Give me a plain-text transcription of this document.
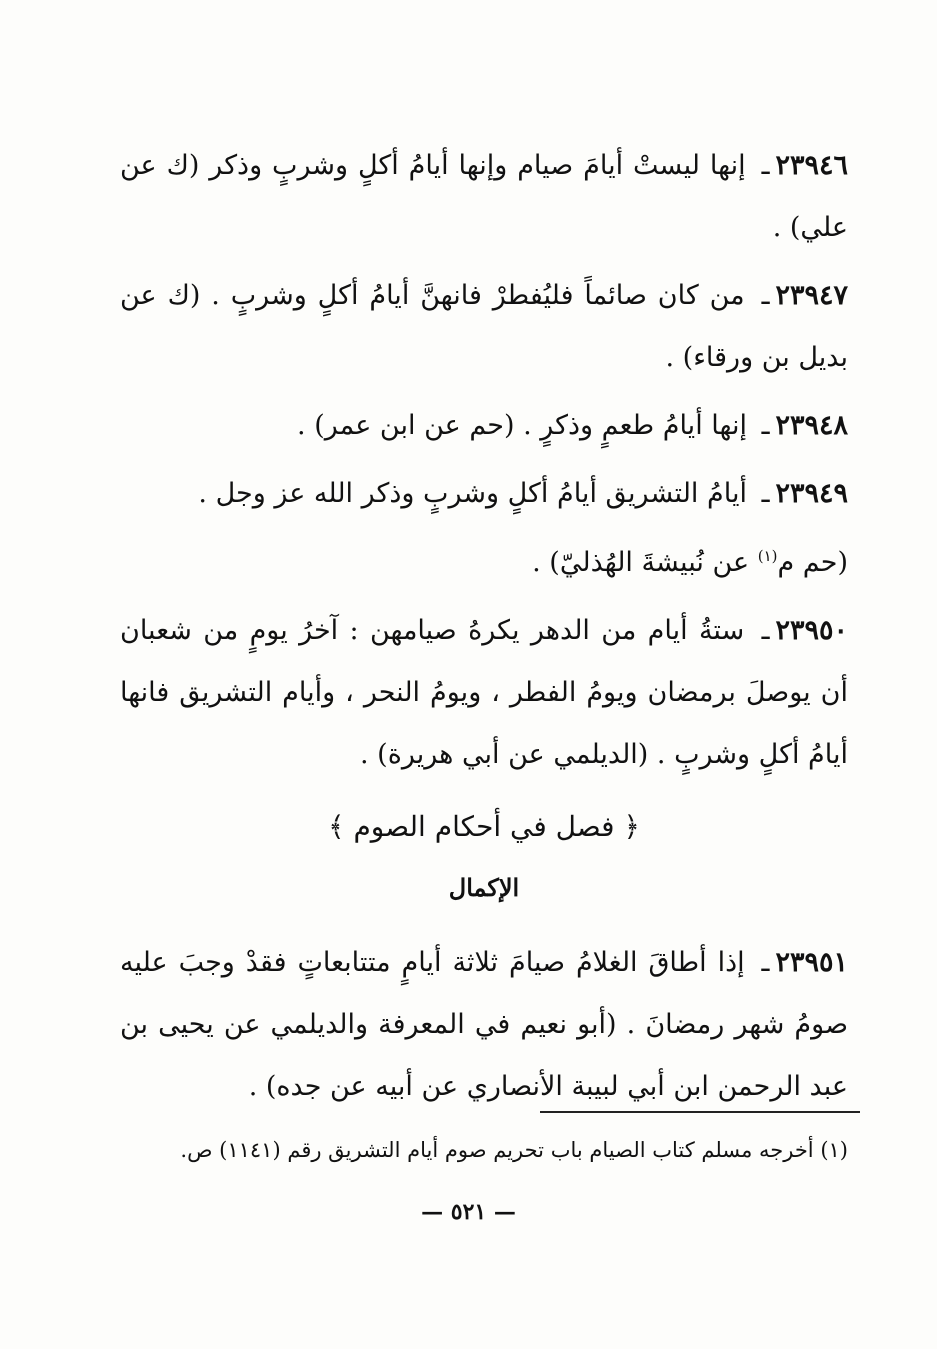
٢٣٩٤٦ـ إنها ليستْ أيامَ صيام وإنها أيامُ أكلٍ وشربٍ وذكر (ك عن علي) .

٢٣٩٤٧ـ من كان صائماً فليُفطرْ فانهنَّ أيامُ أكلٍ وشربٍ . (ك عن بديل بن ورقاء) .

٢٣٩٤٨ـ إنها أيامُ طعمٍ وذكرٍ . (حم عن ابن عمر) .

٢٣٩٤٩ـ أيامُ التشريق أيامُ أكلٍ وشربٍ وذكر الله عز وجل .
(حم م$^{(١)}$ عن نُبيشةَ الهُذليّ) .

٢٣٩٥٠ـ ستةُ أيام من الدهر يكرهُ صيامهن : آخرُ يومٍ من شعبان أن يوصلَ برمضان ويومُ الفطر ، ويومُ النحر ، وأيام التشريق فانها أيامُ أكلٍ وشربٍ . (الديلمي عن أبي هريرة) .

﴿ فصل في أحكام الصوم ﴾
الإكمال

٢٣٩٥١ـ إذا أطاقَ الغلامُ صيامَ ثلاثة أيامٍ متتابعاتٍ فقدْ وجبَ عليه صومُ شهر رمضانَ . (أبو نعيم في المعرفة والديلمي عن يحيى بن عبد الرحمن ابن أبي لبيبة الأنصاري عن أبيه عن جده) .

(١) أخرجه مسلم كتاب الصيام باب تحريم صوم أيام التشريق رقم (١١٤١) ص.
— ٥٢١ —
